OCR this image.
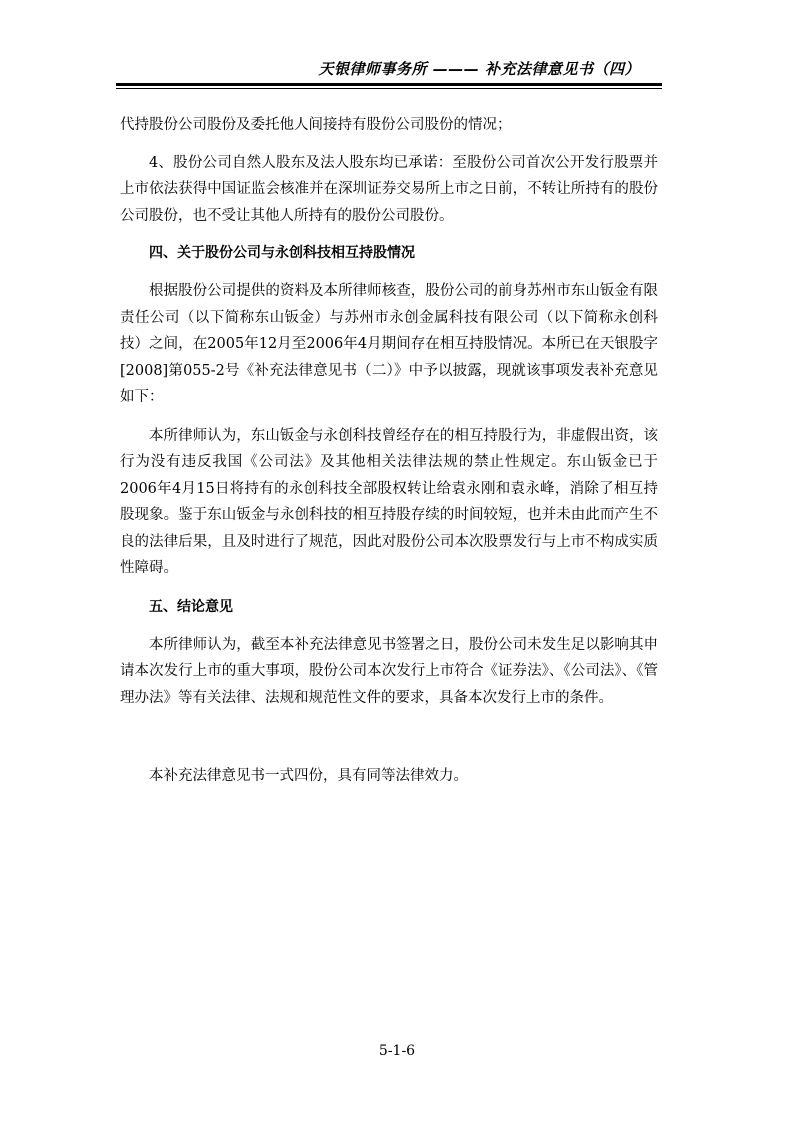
天银律师事务所 ——— 补充法律意见书（四）

代持股份公司股份及委托他人间接持有股份公司股份的情况；

4、股份公司自然人股东及法人股东均已承诺：至股份公司首次公开发行股票并上市依法获得中国证监会核准并在深圳证券交易所上市之日前，不转让所持有的股份公司股份，也不受让其他人所持有的股份公司股份。

四、关于股份公司与永创科技相互持股情况

根据股份公司提供的资料及本所律师核查，股份公司的前身苏州市东山钣金有限责任公司（以下简称东山钣金）与苏州市永创金属科技有限公司（以下简称永创科技）之间，在2005年12月至2006年4月期间存在相互持股情况。本所已在天银股字[2008]第055-2号《补充法律意见书（二）》中予以披露，现就该事项发表补充意见如下：

本所律师认为，东山钣金与永创科技曾经存在的相互持股行为，非虚假出资，该行为没有违反我国《公司法》及其他相关法律法规的禁止性规定。东山钣金已于2006年4月15日将持有的永创科技全部股权转让给袁永刚和袁永峰，消除了相互持股现象。鉴于东山钣金与永创科技的相互持股存续的时间较短，也并未由此而产生不良的法律后果，且及时进行了规范，因此对股份公司本次股票发行与上市不构成实质性障碍。

五、结论意见

本所律师认为，截至本补充法律意见书签署之日，股份公司未发生足以影响其申请本次发行上市的重大事项，股份公司本次发行上市符合《证券法》、《公司法》、《管理办法》等有关法律、法规和规范性文件的要求，具备本次发行上市的条件。

本补充法律意见书一式四份，具有同等法律效力。

5-1-6
